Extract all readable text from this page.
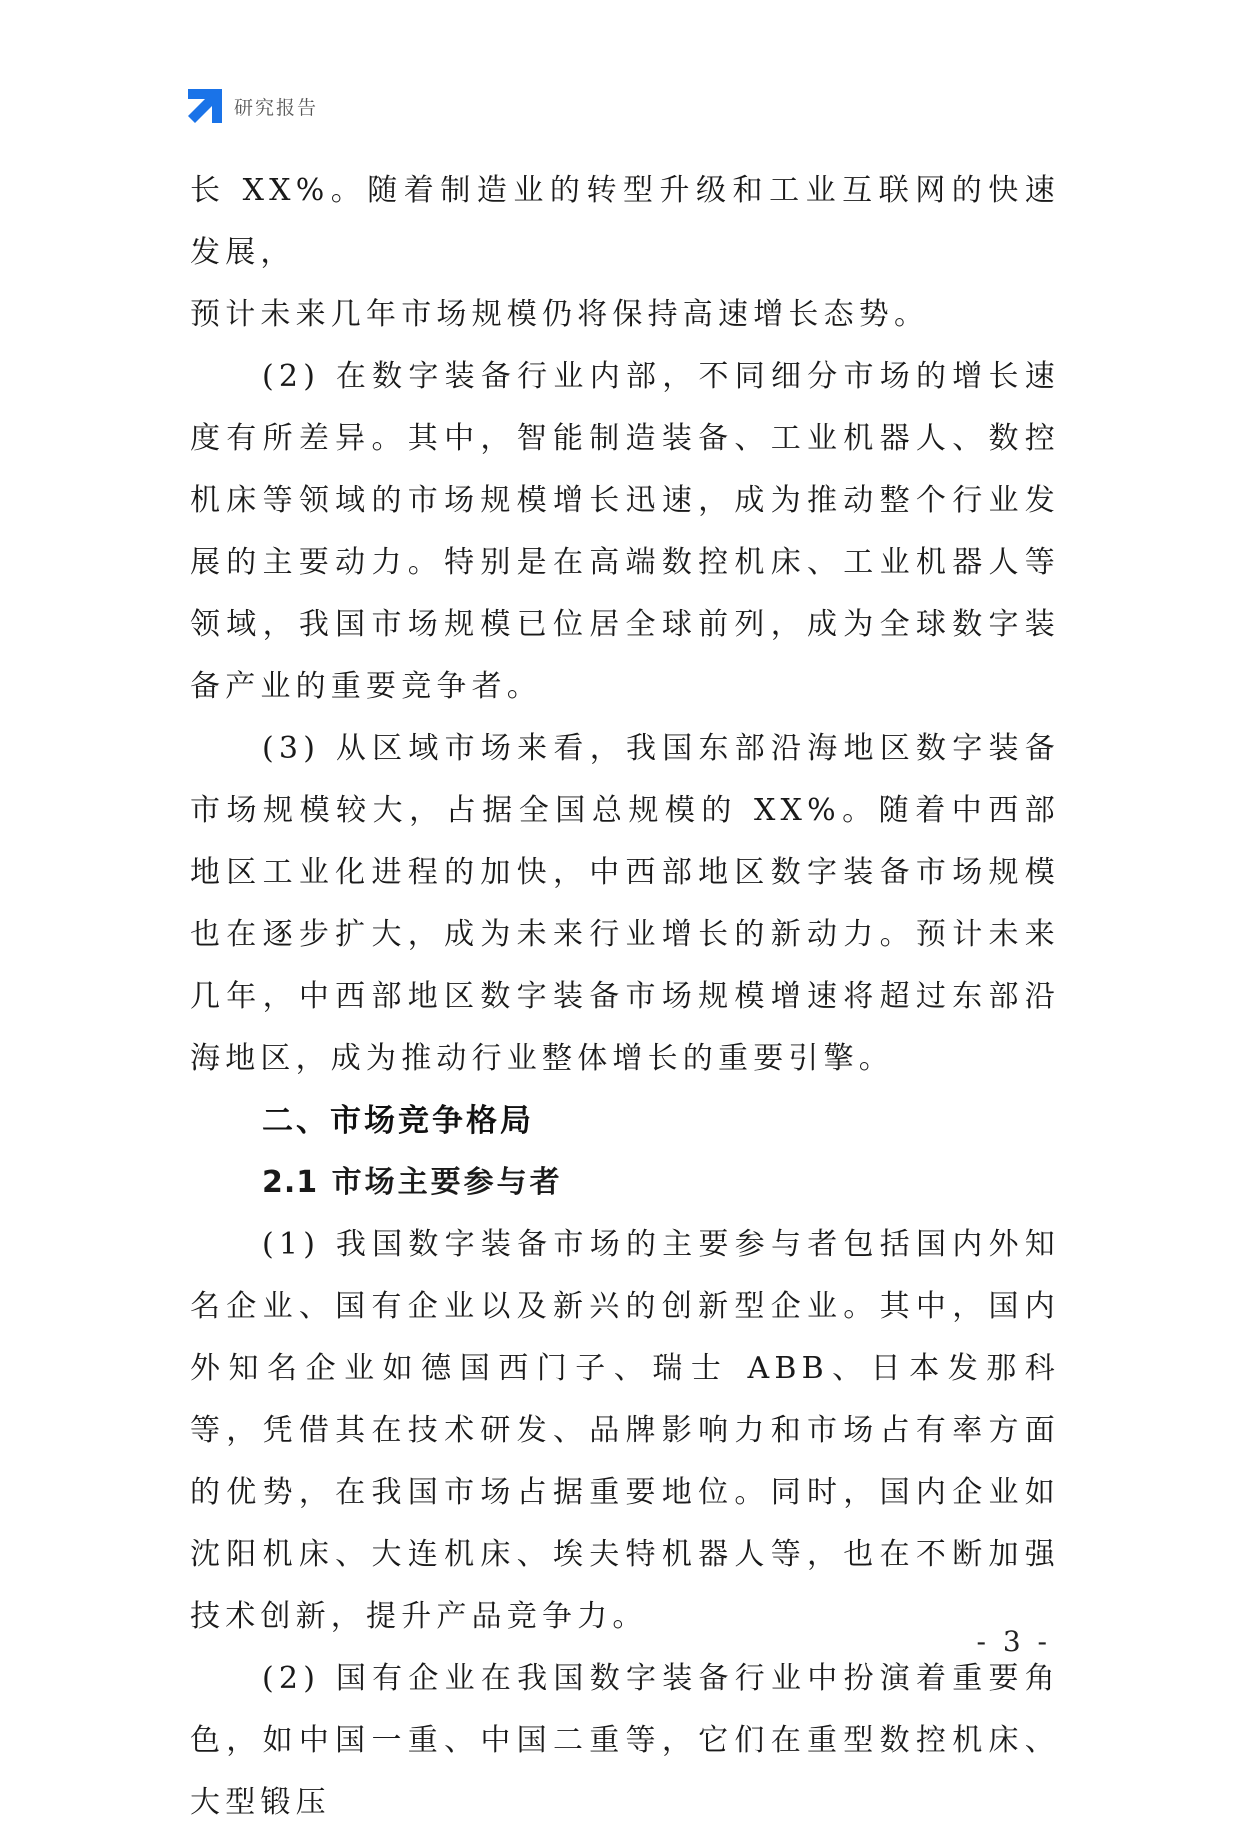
研究报告

长 XX%。随着制造业的转型升级和工业互联网的快速发展，

预计未来几年市场规模仍将保持高速增长态势。

(2) 在数字装备行业内部，不同细分市场的增长速度有所差异。其中，智能制造装备、工业机器人、数控机床等领域的市场规模增长迅速，成为推动整个行业发展的主要动力。特别是在高端数控机床、工业机器人等领域，我国市场规模已位居全球前列，成为全球数字装备产业的重要竞争者。

(3) 从区域市场来看，我国东部沿海地区数字装备市场规模较大，占据全国总规模的 XX%。随着中西部地区工业化进程的加快，中西部地区数字装备市场规模也在逐步扩大，成为未来行业增长的新动力。预计未来几年，中西部地区数字装备市场规模增速将超过东部沿海地区，成为推动行业整体增长的重要引擎。

二、市场竞争格局
2.1 市场主要参与者

(1) 我国数字装备市场的主要参与者包括国内外知名企业、国有企业以及新兴的创新型企业。其中，国内外知名企业如德国西门子、瑞士 ABB、日本发那科等，凭借其在技术研发、品牌影响力和市场占有率方面的优势，在我国市场占据重要地位。同时，国内企业如沈阳机床、大连机床、埃夫特机器人等，也在不断加强技术创新，提升产品竞争力。

(2) 国有企业在我国数字装备行业中扮演着重要角色，如中国一重、中国二重等，它们在重型数控机床、大型锻压

- 3 -
